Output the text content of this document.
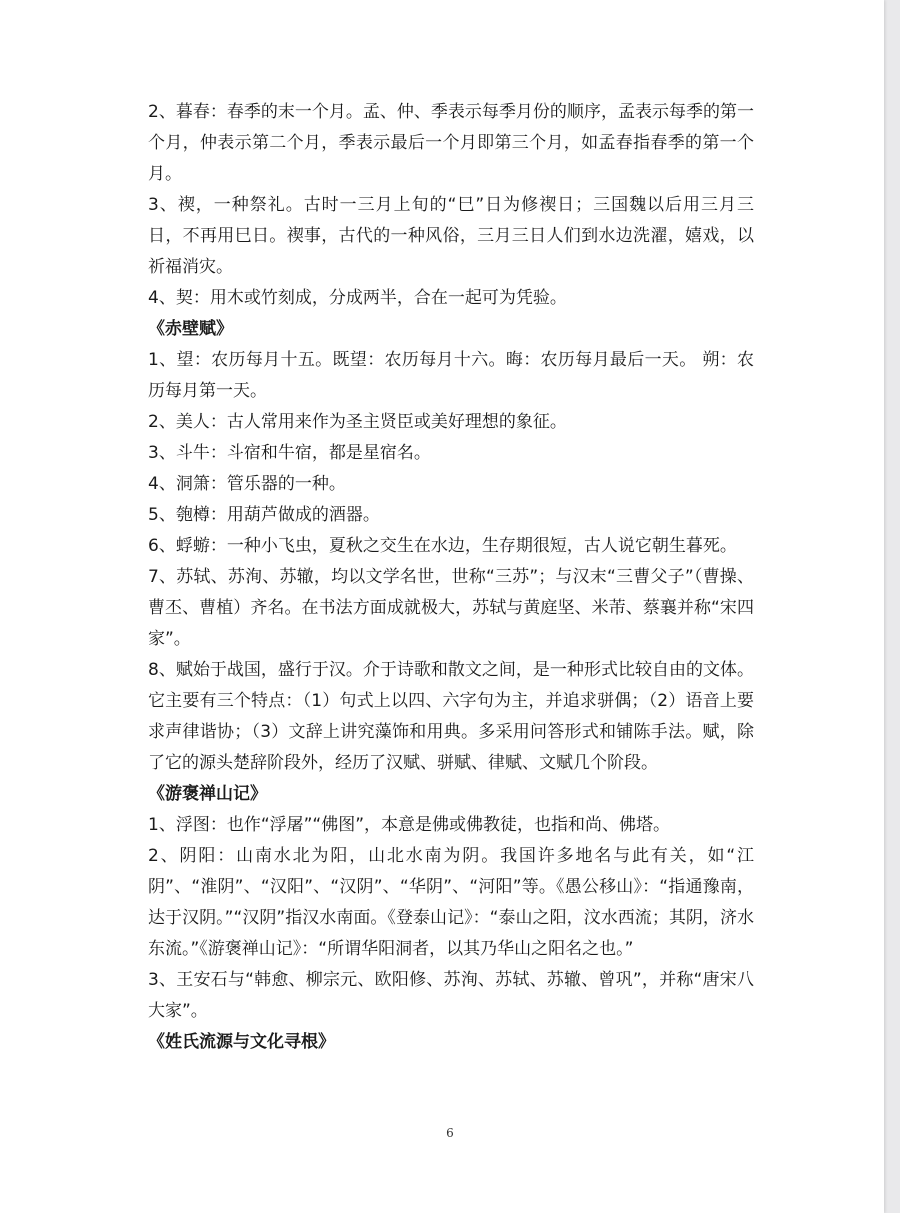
2、暮春：春季的末一个月。孟、仲、季表示每季月份的顺序，孟表示每季的第一个月，仲表示第二个月，季表示最后一个月即第三个月，如孟春指春季的第一个月。

3、禊，一种祭礼。古时一三月上旬的“巳”日为修禊日；三国魏以后用三月三日，不再用巳日。禊事，古代的一种风俗，三月三日人们到水边洗濯，嬉戏，以祈福消灾。

4、契：用木或竹刻成，分成两半，合在一起可为凭验。

《赤壁赋》

1、望：农历每月十五。既望：农历每月十六。晦：农历每月最后一天。 朔：农历每月第一天。

2、美人：古人常用来作为圣主贤臣或美好理想的象征。

3、斗牛：斗宿和牛宿，都是星宿名。

4、洞箫：管乐器的一种。

5、匏樽：用葫芦做成的酒器。

6、蜉蝣：一种小飞虫，夏秋之交生在水边，生存期很短，古人说它朝生暮死。

7、苏轼、苏洵、苏辙，均以文学名世，世称“三苏”；与汉末“三曹父子”（曹操、曹丕、曹植）齐名。在书法方面成就极大，苏轼与黄庭坚、米芾、蔡襄并称“宋四家”。

8、赋始于战国，盛行于汉。介于诗歌和散文之间，是一种形式比较自由的文体。它主要有三个特点：（1）句式上以四、六字句为主，并追求骈偶；（2）语音上要求声律谐协；（3）文辞上讲究藻饰和用典。多采用问答形式和铺陈手法。赋，除了它的源头楚辞阶段外，经历了汉赋、骈赋、律赋、文赋几个阶段。

《游褒禅山记》

1、浮图：也作“浮屠”“佛图”，本意是佛或佛教徒，也指和尚、佛塔。

2、阴阳：山南水北为阳，山北水南为阴。我国许多地名与此有关，如“江阴”、“淮阴”、“汉阳”、“汉阴”、“华阴”、“河阳”等。《愚公移山》：“指通豫南，达于汉阴。”“汉阴”指汉水南面。《登泰山记》：“泰山之阳，汶水西流；其阴，济水东流。”《游褒禅山记》：“所谓华阳洞者，以其乃华山之阳名之也。”

3、王安石与“韩愈、柳宗元、欧阳修、苏洵、苏轼、苏辙、曾巩”，并称“唐宋八大家”。

《姓氏流源与文化寻根》

6
